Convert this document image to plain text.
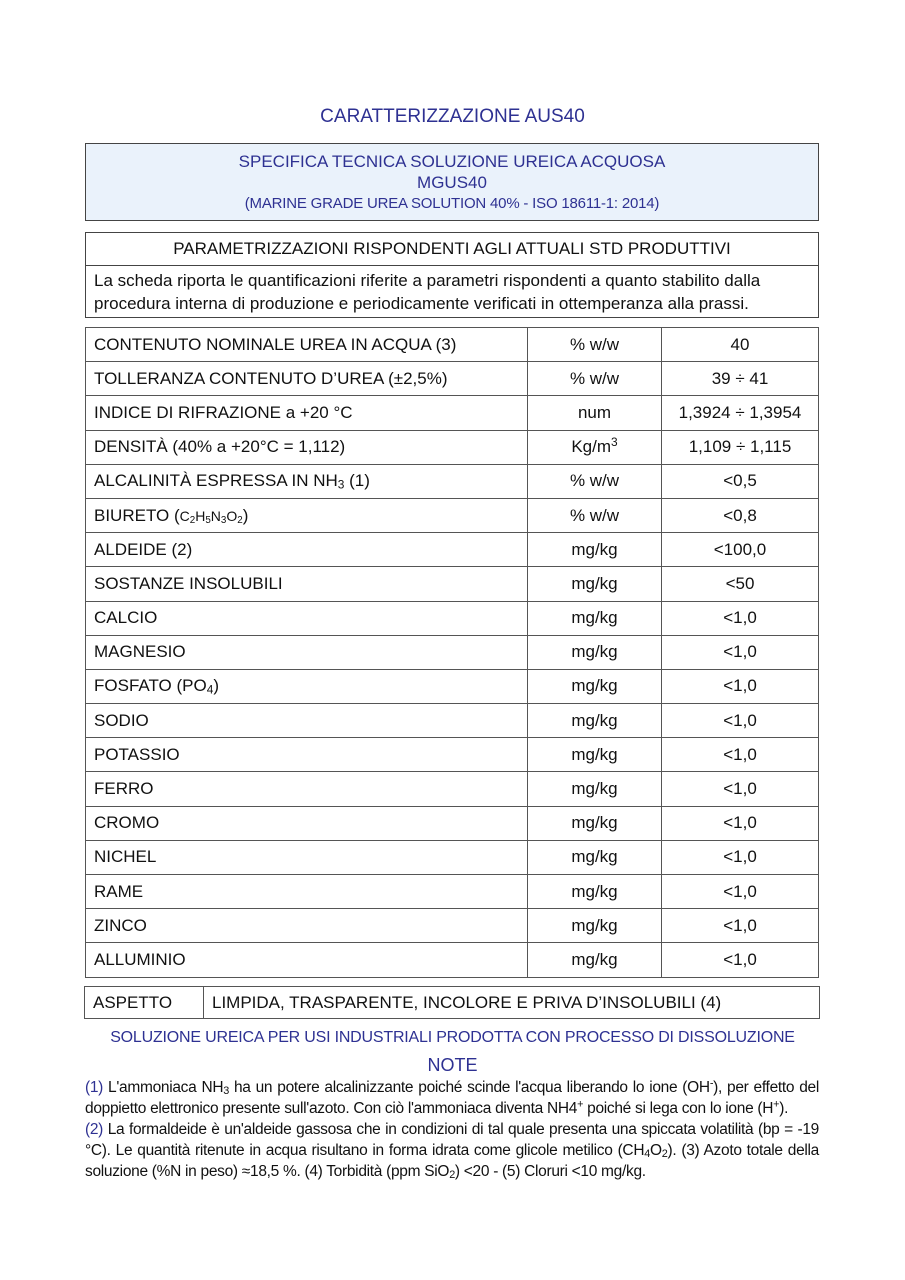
CARATTERIZZAZIONE AUS40
SPECIFICA TECNICA SOLUZIONE UREICA ACQUOSA
MGUS40
(MARINE GRADE UREA SOLUTION 40% - ISO 18611-1: 2014)
PARAMETRIZZAZIONI RISPONDENTI AGLI ATTUALI STD PRODUTTIVI
La scheda riporta le quantificazioni riferite a parametri rispondenti a quanto stabilito dalla procedura interna di produzione e periodicamente verificati in ottemperanza alla prassi.
CONTENUTO NOMINALE UREA IN ACQUA (3)	% w/w	40
TOLLERANZA CONTENUTO D’UREA (±2,5%)	% w/w	39 ÷ 41
INDICE DI RIFRAZIONE a +20 °C	num	1,3924 ÷ 1,3954
DENSITÀ (40% a +20°C = 1,112)	$Kg/m^3$	1,109 ÷ 1,115
ALCALINITÀ ESPRESSA IN $NH_3$ (1)	% w/w	<0,5
BIURETO $(C_2H_5N_3O_2)$	% w/w	<0,8
ALDEIDE (2)	mg/kg	<100,0
SOSTANZE INSOLUBILI	mg/kg	<50
CALCIO	mg/kg	<1,0
MAGNESIO	mg/kg	<1,0
FOSFATO $(PO_4)$	mg/kg	<1,0
SODIO	mg/kg	<1,0
POTASSIO	mg/kg	<1,0
FERRO	mg/kg	<1,0
CROMO	mg/kg	<1,0
NICHEL	mg/kg	<1,0
RAME	mg/kg	<1,0
ZINCO	mg/kg	<1,0
ALLUMINIO	mg/kg	<1,0
ASPETTO	LIMPIDA, TRASPARENTE, INCOLORE E PRIVA D’INSOLUBILI (4)
SOLUZIONE UREICA PER USI INDUSTRIALI PRODOTTA CON PROCESSO DI DISSOLUZIONE
NOTE
(1) L'ammoniaca $NH_3$ ha un potere alcalinizzante poiché scinde l'acqua liberando lo ione (OH-), per effetto del doppietto elettronico presente sull'azoto. Con ciò l'ammoniaca diventa NH4+ poiché si lega con lo ione (H+).
(2) La formaldeide è un'aldeide gassosa che in condizioni di tal quale presenta una spiccata volatilità (bp = -19 °C). Le quantità ritenute in acqua risultano in forma idrata come glicole metilico $(CH_4O_2)$. (3) Azoto totale della soluzione (%N in peso) ≈18,5 %. (4) Torbidità (ppm SiO$_2$) <20 - (5) Cloruri <10 mg/kg.
